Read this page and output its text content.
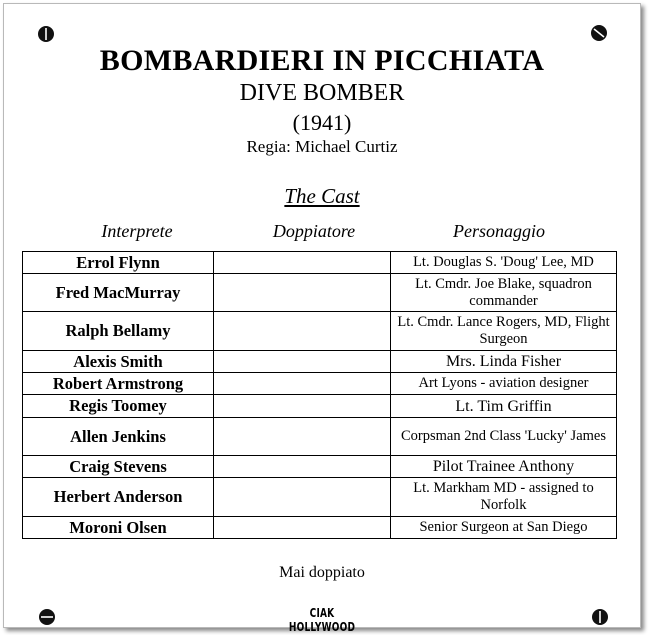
BOMBARDIERI IN PICCHIATA
DIVE BOMBER
(1941)
Regia: Michael Curtiz
The Cast
Interprete	Doppiatore	Personaggio
Errol Flynn		Lt. Douglas S. 'Doug' Lee, MD
Fred MacMurray		Lt. Cmdr. Joe Blake, squadron commander
Ralph Bellamy		Lt. Cmdr. Lance Rogers, MD, Flight Surgeon
Alexis Smith		Mrs. Linda Fisher
Robert Armstrong		Art Lyons - aviation designer
Regis Toomey		Lt. Tim Griffin
Allen Jenkins		Corpsman 2nd Class 'Lucky' James
Craig Stevens		Pilot Trainee Anthony
Herbert Anderson		Lt. Markham MD - assigned to Norfolk
Moroni Olsen		Senior Surgeon at San Diego
Mai doppiato
CIAK HOLLYWOOD
